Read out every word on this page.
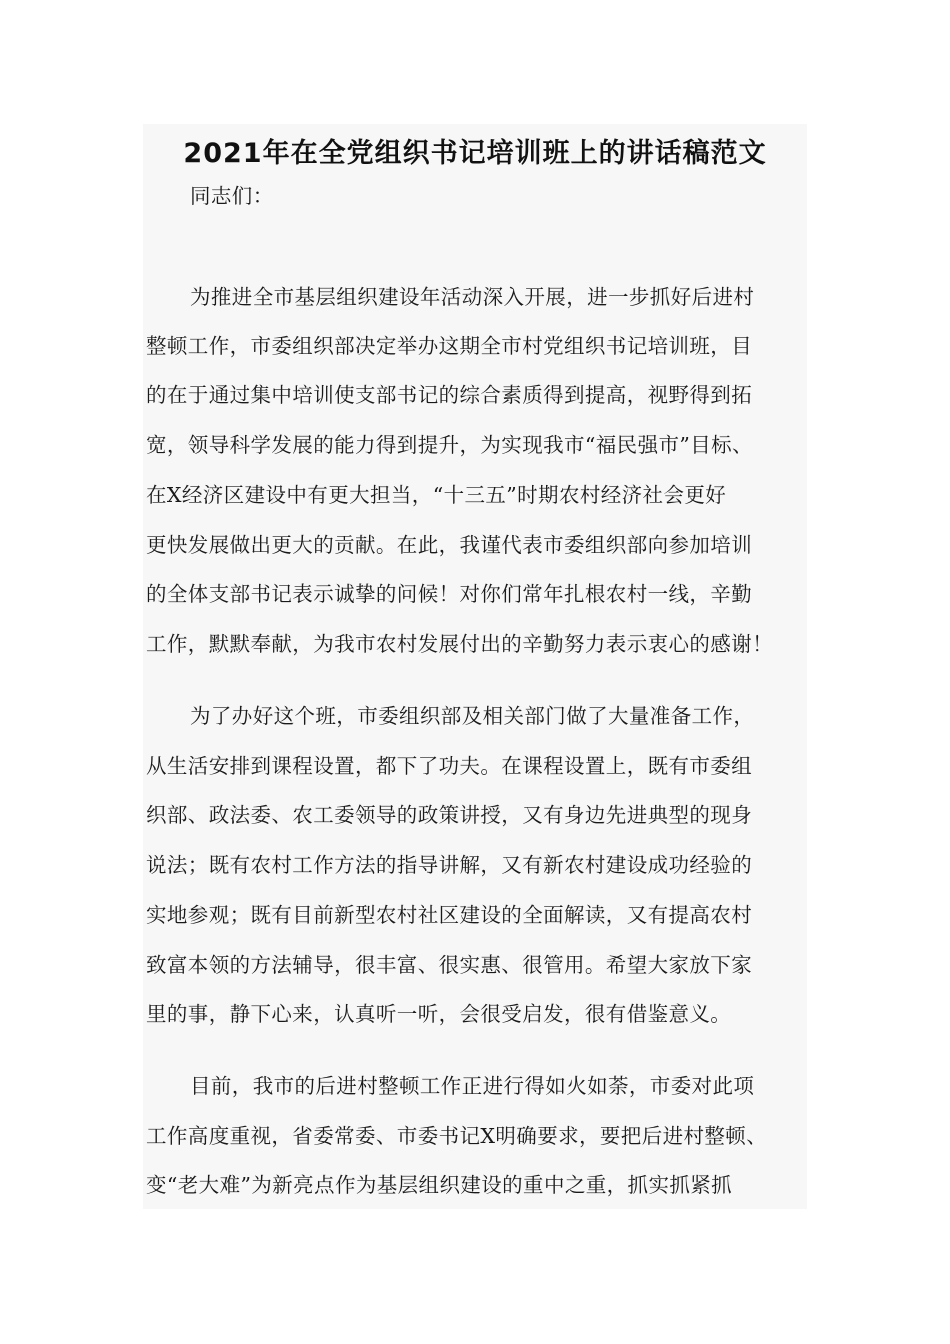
2021年在全党组织书记培训班上的讲话稿范文
同志们：
为推进全市基层组织建设年活动深入开展，进一步抓好后进村
整顿工作，市委组织部决定举办这期全市村党组织书记培训班，目
的在于通过集中培训使支部书记的综合素质得到提高，视野得到拓
宽，领导科学发展的能力得到提升，为实现我市“福民强市”目标、
在X经济区建设中有更大担当，“十三五”时期农村经济社会更好
更快发展做出更大的贡献。在此，我谨代表市委组织部向参加培训
的全体支部书记表示诚挚的问候！对你们常年扎根农村一线，辛勤
工作，默默奉献，为我市农村发展付出的辛勤努力表示衷心的感谢！
为了办好这个班，市委组织部及相关部门做了大量准备工作，
从生活安排到课程设置，都下了功夫。在课程设置上，既有市委组
织部、政法委、农工委领导的政策讲授，又有身边先进典型的现身
说法；既有农村工作方法的指导讲解，又有新农村建设成功经验的
实地参观；既有目前新型农村社区建设的全面解读，又有提高农村
致富本领的方法辅导，很丰富、很实惠、很管用。希望大家放下家
里的事，静下心来，认真听一听，会很受启发，很有借鉴意义。
目前，我市的后进村整顿工作正进行得如火如荼，市委对此项
工作高度重视，省委常委、市委书记X明确要求，要把后进村整顿、
变“老大难”为新亮点作为基层组织建设的重中之重，抓实抓紧抓
